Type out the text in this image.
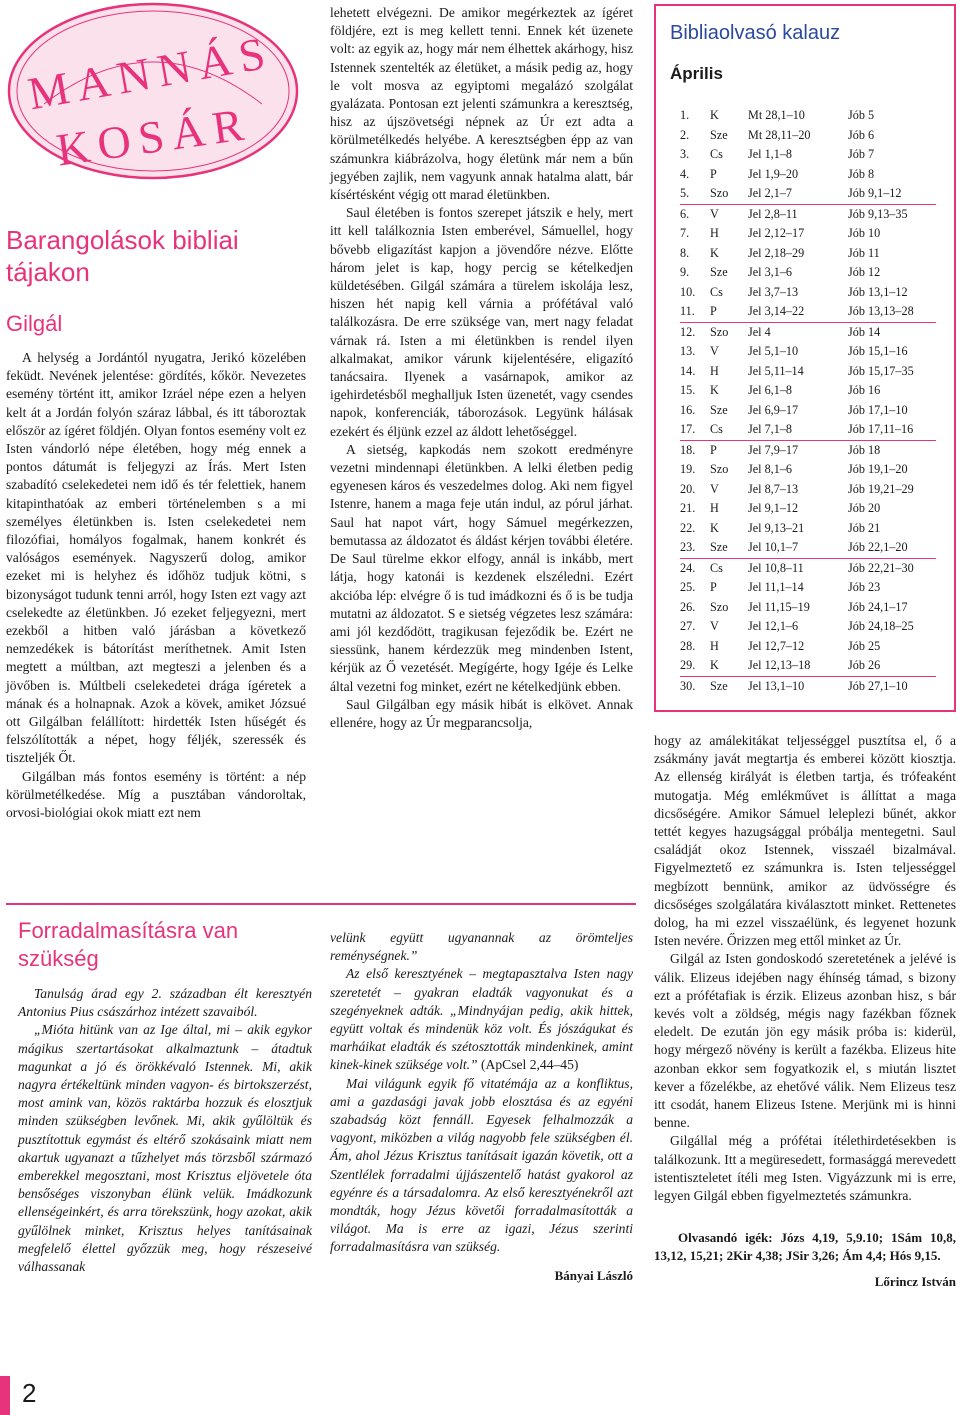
MANNÁS
KOSÁR
Barangolások bibliai tájakon
Gilgál

A helység a Jordántól nyugatra, Jerikó közelében feküdt. Nevének jelentése: gördítés, kőkör. Nevezetes esemény történt itt, amikor Izráel népe ezen a helyen kelt át a Jordán folyón száraz lábbal, és itt táboroztak először az ígéret földjén. Olyan fontos esemény volt ez Isten vándorló népe életében, hogy még ennek a pontos dátumát is feljegyzi az Írás. Mert Isten szabadító cselekedetei nem idő és tér felettiek, hanem kitapinthatóak az emberi történelemben s a mi személyes életünkben is. Isten cselekedetei nem filozófiai, homályos fogalmak, hanem konkrét és valóságos események. Nagyszerű dolog, amikor ezeket mi is helyhez és időhöz tudjuk kötni, s bizonyságot tudunk tenni arról, hogy Isten ezt vagy azt cselekedte az életünkben. Jó ezeket feljegyezni, mert ezekből a hitben való járásban a következő nemzedékek is bátorítást meríthetnek. Amit Isten megtett a múltban, azt megteszi a jelenben és a jövőben is. Múltbeli cselekedetei drága ígéretek a mának és a holnapnak. Azok a kövek, amiket Józsué ott Gilgálban felállított: hirdették Isten hűségét és felszólították a népet, hogy féljék, szeressék és tiszteljék Őt.

Gilgálban más fontos esemény is történt: a nép körülmetélkedése. Míg a pusztában vándoroltak, orvosi-biológiai okok miatt ezt nem

lehetett elvégezni. De amikor megérkeztek az ígéret földjére, ezt is meg kellett tenni. Ennek két üzenete volt: az egyik az, hogy már nem élhettek akárhogy, hisz Istennek szentelték az életüket, a másik pedig az, hogy le volt mosva az egyiptomi megalázó szolgálat gyalázata. Pontosan ezt jelenti számunkra a keresztség, hisz az újszövetségi népnek az Úr ezt adta a körülmetélkedés helyébe. A keresztségben épp az van számunkra kiábrázolva, hogy életünk már nem a bűn jegyében zajlik, nem vagyunk annak hatalma alatt, bár kísértésként végig ott marad életünkben.

Saul életében is fontos szerepet játszik e hely, mert itt kell találkoznia Isten emberével, Sámuellel, hogy bővebb eligazítást kapjon a jövendőre nézve. Előtte három jelet is kap, hogy percig se kételkedjen küldetésében. Gilgál számára a türelem iskolája lesz, hiszen hét napig kell várnia a prófétával való találkozásra. De erre szüksége van, mert nagy feladat várnak rá. Isten a mi életünkben is rendel ilyen alkalmakat, amikor várunk kijelentésére, eligazító tanácsaira. Ilyenek a vasárnapok, amikor az igehirdetésből meghalljuk Isten üzenetét, vagy csendes napok, konferenciák, táborozások. Legyünk hálásak ezekért és éljünk ezzel az áldott lehetőséggel.

A sietség, kapkodás nem szokott eredményre vezetni mindennapi életünkben. A lelki életben pedig egyenesen káros és veszedelmes dolog. Aki nem figyel Istenre, hanem a maga feje után indul, az pórul járhat. Saul hat napot várt, hogy Sámuel megérkezzen, bemutassa az áldozatot és áldást kérjen további életére. De Saul türelme ekkor elfogy, annál is inkább, mert látja, hogy katonái is kezdenek elszéledni. Ezért akcióba lép: elvégre ő is tud imádkozni és ő is be tudja mutatni az áldozatot. S e sietség végzetes lesz számára: ami jól kezdődött, tragikusan fejeződik be. Ezért ne siessünk, hanem kérdezzük meg mindenben Istent, kérjük az Ő vezetését. Megígérte, hogy Igéje és Lelke által vezetni fog minket, ezért ne kételkedjünk ebben.

Saul Gilgálban egy másik hibát is elkövet. Annak ellenére, hogy az Úr megparancsolja,

hogy az amálekitákat teljességgel pusztítsa el, ő a zsákmány javát megtartja és emberei között kiosztja. Az ellenség királyát is életben tartja, és trófeaként mutogatja. Még emlékművet is állíttat a maga dicsőségére. Amikor Sámuel leleplezi bűnét, akkor tettét kegyes hazugsággal próbálja mentegetni. Saul családját okoz Istennek, visszaél bizalmával. Figyelmeztető ez számunkra is. Isten teljességgel megbízott bennünk, amikor az üdvösségre és dicsőséges szolgálatára kiválasztott minket. Rettenetes dolog, ha mi ezzel visszaélünk, és legyenet hozunk Isten nevére. Őrizzen meg ettől minket az Úr.

Gilgál az Isten gondoskodó szeretetének a jelévé is válik. Elizeus idejében nagy éhínség támad, s bizony ezt a prófétafiak is érzik. Elizeus azonban hisz, s bár kevés volt a zöldség, mégis nagy fazékban főznek eledelt. De ezután jön egy másik próba is: kiderül, hogy mérgező növény is került a fazékba. Elizeus hite azonban ekkor sem fogyatkozik el, s miután lisztet kever a főzelékbe, az ehetővé válik. Nem Elizeus tesz itt csodát, hanem Elizeus Istene. Merjünk mi is hinni benne.

Gilgállal még a prófétai ítélethirdetésekben is találkozunk. Itt a megüresedett, formasággá merevedett istentiszteletet ítéli meg Isten. Vigyázzunk mi is erre, legyen Gilgál ebben figyelmeztetés számunkra.

Olvasandó igék: Józs 4,19, 5,9.10; 1Sám 10,8, 13,12, 15,21; 2Kir 4,38; JSir 3,26; Ám 4,4; Hós 9,15.

Lőrincz István

Forradalmasításra van szükség

Tanulság árad egy 2. században élt keresztyén Antonius Pius császárhoz intézett szavaiból.

„Mióta hitünk van az Ige által, mi – akik egykor mágikus szertartásokat alkalmaztunk – átadtuk magunkat a jó és örökkévaló Istennek. Mi, akik nagyra értékeltünk minden vagyon- és birtokszerzést, most amink van, közös raktárba hozzuk és elosztjuk minden szükségben levőnek. Mi, akik gyűlöltük és pusztítottuk egymást és eltérő szokásaink miatt nem akartuk ugyanazt a tűzhelyet más törzsből származó emberekkel megosztani, most Krisztus eljövetele óta bensőséges viszonyban élünk velük. Imádkozunk ellenségeinkért, és arra törekszünk, hogy azokat, akik gyűlölnek minket, Krisztus helyes tanításainak megfelelő élettel győzzük meg, hogy részeseivé válhassanak

velünk együtt ugyanannak az örömteljes reménységnek.”

Az első keresztyének – megtapasztalva Isten nagy szeretetét – gyakran eladták vagyonukat és a szegényeknek adták. „Mindnyájan pedig, akik hittek, együtt voltak és mindenük köz volt. És jószágukat és marháikat eladták és szétosztották mindenkinek, amint kinek-kinek szüksége volt.” (ApCsel 2,44–45)

Mai világunk egyik fő vitatémája az a konfliktus, ami a gazdasági javak jobb elosztása és az egyéni szabadság közt fennáll. Egyesek felhalmozzák a vagyont, miközben a világ nagyobb fele szükségben él. Ám, ahol Jézus Krisztus tanításait igazán követik, ott a Szentlélek forradalmi újjászentelő hatást gyakorol az egyénre és a társadalomra. Az első keresztyénekről azt mondták, hogy Jézus követői forradalmasították a világot. Ma is erre az igazi, Jézus szerinti forradalmasításra van szükség.

Bányai László

2
Bibliaolvasó kalauz
Április
1.	K	Mt 28,1–10	Jób 5
2.	Sze	Mt 28,11–20	Jób 6
3.	Cs	Jel 1,1–8	Jób 7
4.	P	Jel 1,9–20	Jób 8
5.	Szo	Jel 2,1–7	Jób 9,1–12
6.	V	Jel 2,8–11	Jób 9,13–35
7.	H	Jel 2,12–17	Jób 10
8.	K	Jel 2,18–29	Jób 11
9.	Sze	Jel 3,1–6	Jób 12
10.	Cs	Jel 3,7–13	Jób 13,1–12
11.	P	Jel 3,14–22	Jób 13,13–28
12.	Szo	Jel 4	Jób 14
13.	V	Jel 5,1–10	Jób 15,1–16
14.	H	Jel 5,11–14	Jób 15,17–35
15.	K	Jel 6,1–8	Jób 16
16.	Sze	Jel 6,9–17	Jób 17,1–10
17.	Cs	Jel 7,1–8	Jób 17,11–16
18.	P	Jel 7,9–17	Jób 18
19.	Szo	Jel 8,1–6	Jób 19,1–20
20.	V	Jel 8,7–13	Jób 19,21–29
21.	H	Jel 9,1–12	Jób 20
22.	K	Jel 9,13–21	Jób 21
23.	Sze	Jel 10,1–7	Jób 22,1–20
24.	Cs	Jel 10,8–11	Jób 22,21–30
25.	P	Jel 11,1–14	Jób 23
26.	Szo	Jel 11,15–19	Jób 24,1–17
27.	V	Jel 12,1–6	Jób 24,18–25
28.	H	Jel 12,7–12	Jób 25
29.	K	Jel 12,13–18	Jób 26
30.	Sze	Jel 13,1–10	Jób 27,1–10
